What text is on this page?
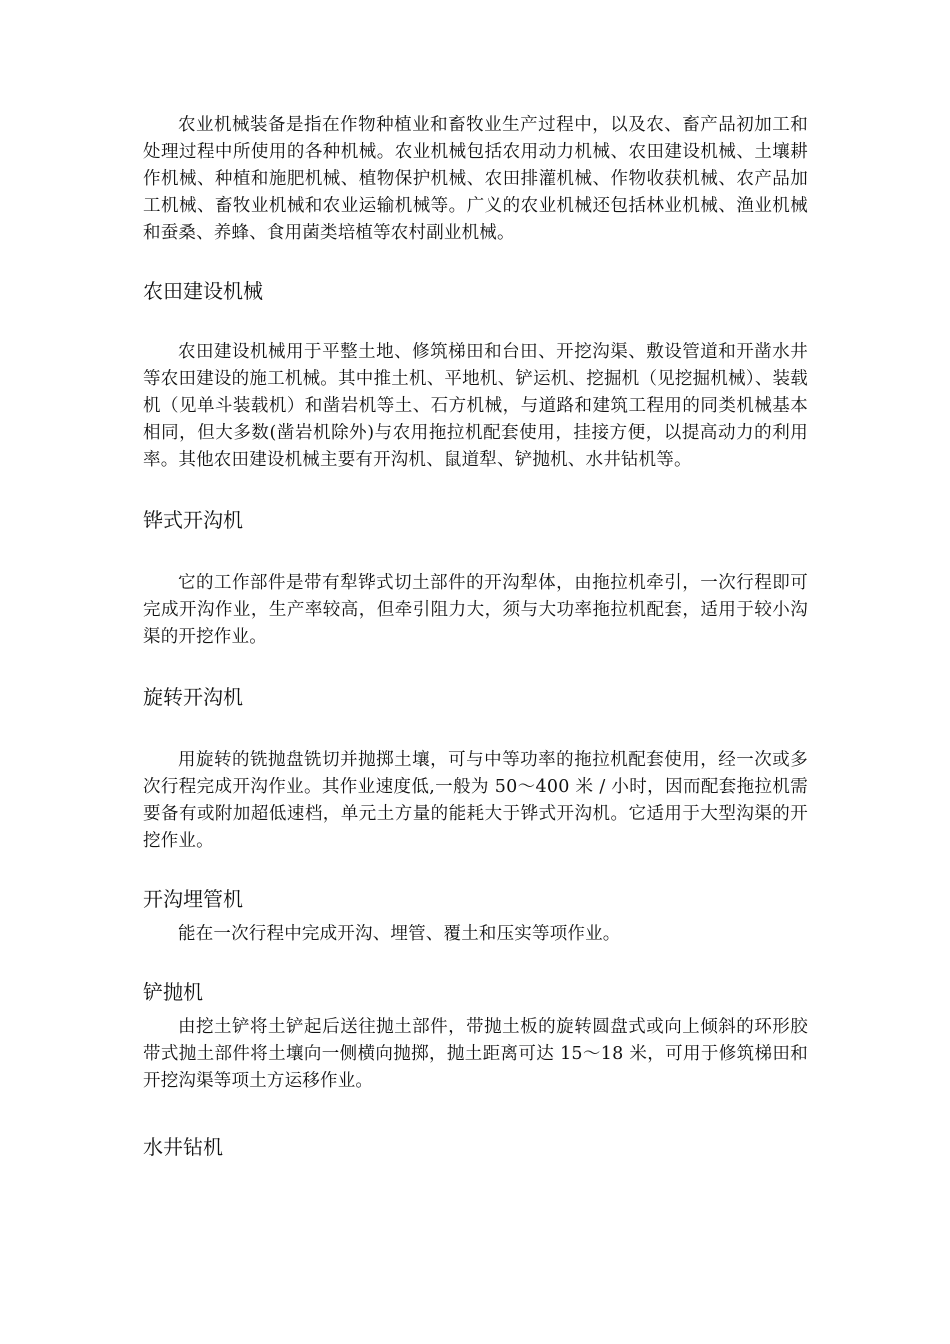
农业机械装备是指在作物种植业和畜牧业生产过程中，以及农、畜产品初加工和处理过程中所使用的各种机械。农业机械包括农用动力机械、农田建设机械、土壤耕作机械、种植和施肥机械、植物保护机械、农田排灌机械、作物收获机械、农产品加工机械、畜牧业机械和农业运输机械等。广义的农业机械还包括林业机械、渔业机械和蚕桑、养蜂、食用菌类培植等农村副业机械。

农田建设机械

农田建设机械用于平整土地、修筑梯田和台田、开挖沟渠、敷设管道和开凿水井等农田建设的施工机械。其中推土机、平地机、铲运机、挖掘机（见挖掘机械）、装载机（见单斗装载机）和凿岩机等土、石方机械，与道路和建筑工程用的同类机械基本相同，但大多数(凿岩机除外)与农用拖拉机配套使用，挂接方便，以提高动力的利用率。其他农田建设机械主要有开沟机、鼠道犁、铲抛机、水井钻机等。

铧式开沟机

它的工作部件是带有犁铧式切土部件的开沟犁体，由拖拉机牵引，一次行程即可完成开沟作业，生产率较高，但牵引阻力大，须与大功率拖拉机配套，适用于较小沟渠的开挖作业。

旋转开沟机

用旋转的铣抛盘铣切并抛掷土壤，可与中等功率的拖拉机配套使用，经一次或多次行程完成开沟作业。其作业速度低,一般为 50～400 米 / 小时，因而配套拖拉机需要备有或附加超低速档，单元土方量的能耗大于铧式开沟机。它适用于大型沟渠的开挖作业。

开沟埋管机

能在一次行程中完成开沟、埋管、覆土和压实等项作业。

铲抛机

由挖土铲将土铲起后送往抛土部件，带抛土板的旋转圆盘式或向上倾斜的环形胶带式抛土部件将土壤向一侧横向抛掷，抛土距离可达 15～18 米，可用于修筑梯田和开挖沟渠等项土方运移作业。

水井钻机
